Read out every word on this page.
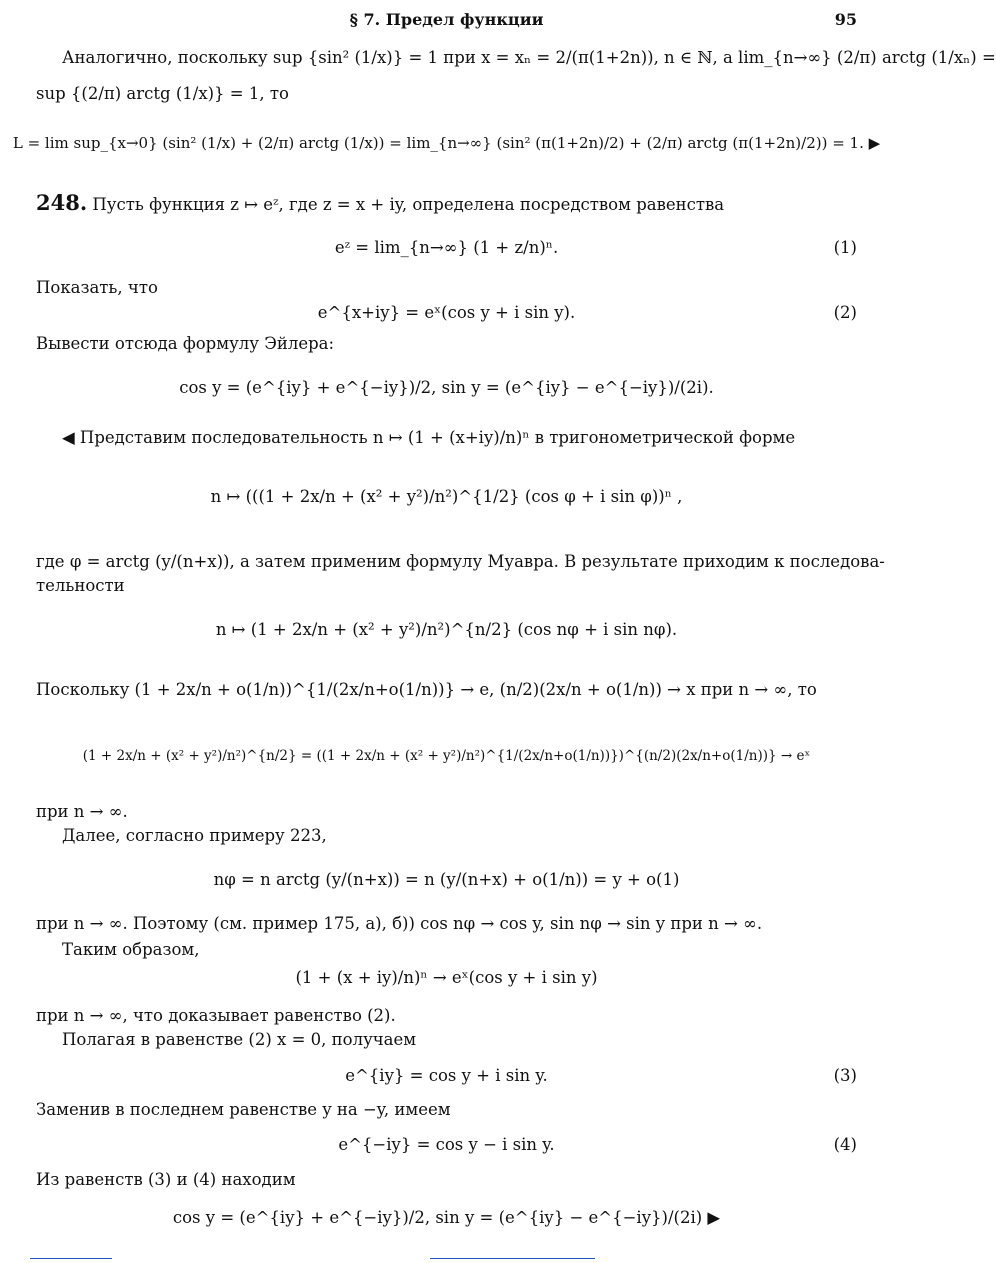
§ 7. Предел функции	95
Аналогично, поскольку sup {sin² (1/x)} = 1 при x = xₙ = 2/(π(1+2n)), n ∈ ℕ, а lim_{n→∞} (2/π) arctg (1/xₙ) =
sup {(2/π) arctg (1/x)} = 1, то
L = lim sup_{x→0} (sin² (1/x) + (2/π) arctg (1/x)) = lim_{n→∞} (sin² (π(1+2n)/2) + (2/π) arctg (π(1+2n)/2)) = 1. ▶
248. Пусть функция z ↦ eᶻ, где z = x + iy, определена посредством равенства
eᶻ = lim_{n→∞} (1 + z/n)ⁿ.	(1)
Показать, что
e^{x+iy} = eˣ(cos y + i sin y).	(2)
Вывести отсюда формулу Эйлера:
cos y = (e^{iy} + e^{−iy})/2, sin y = (e^{iy} − e^{−iy})/(2i).
◀ Представим последовательность n ↦ (1 + (x+iy)/n)ⁿ в тригонометрической форме
n ↦ (((1 + 2x/n + (x² + y²)/n²)^{1/2} (cos φ + i sin φ))ⁿ ,
где φ = arctg (y/(n+x)), а затем применим формулу Муавра. В результате приходим к последова-
тельности
n ↦ (1 + 2x/n + (x² + y²)/n²)^{n/2} (cos nφ + i sin nφ).
Поскольку (1 + 2x/n + o(1/n))^{1/(2x/n+o(1/n))} → e, (n/2)(2x/n + o(1/n)) → x при n → ∞, то
(1 + 2x/n + (x² + y²)/n²)^{n/2} = ((1 + 2x/n + (x² + y²)/n²)^{1/(2x/n+o(1/n))})^{(n/2)(2x/n+o(1/n))} → eˣ
при n → ∞.
Далее, согласно примеру 223,
nφ = n arctg (y/(n+x)) = n (y/(n+x) + o(1/n)) = y + o(1)
при n → ∞. Поэтому (см. пример 175, а), б)) cos nφ → cos y, sin nφ → sin y при n → ∞.
Таким образом,
(1 + (x + iy)/n)ⁿ → eˣ(cos y + i sin y)
при n → ∞, что доказывает равенство (2).
Полагая в равенстве (2) x = 0, получаем
e^{iy} = cos y + i sin y.	(3)
Заменив в последнем равенстве y на −y, имеем
e^{−iy} = cos y − i sin y.	(4)
Из равенств (3) и (4) находим
cos y = (e^{iy} + e^{−iy})/2, sin y = (e^{iy} − e^{−iy})/(2i) ▶
